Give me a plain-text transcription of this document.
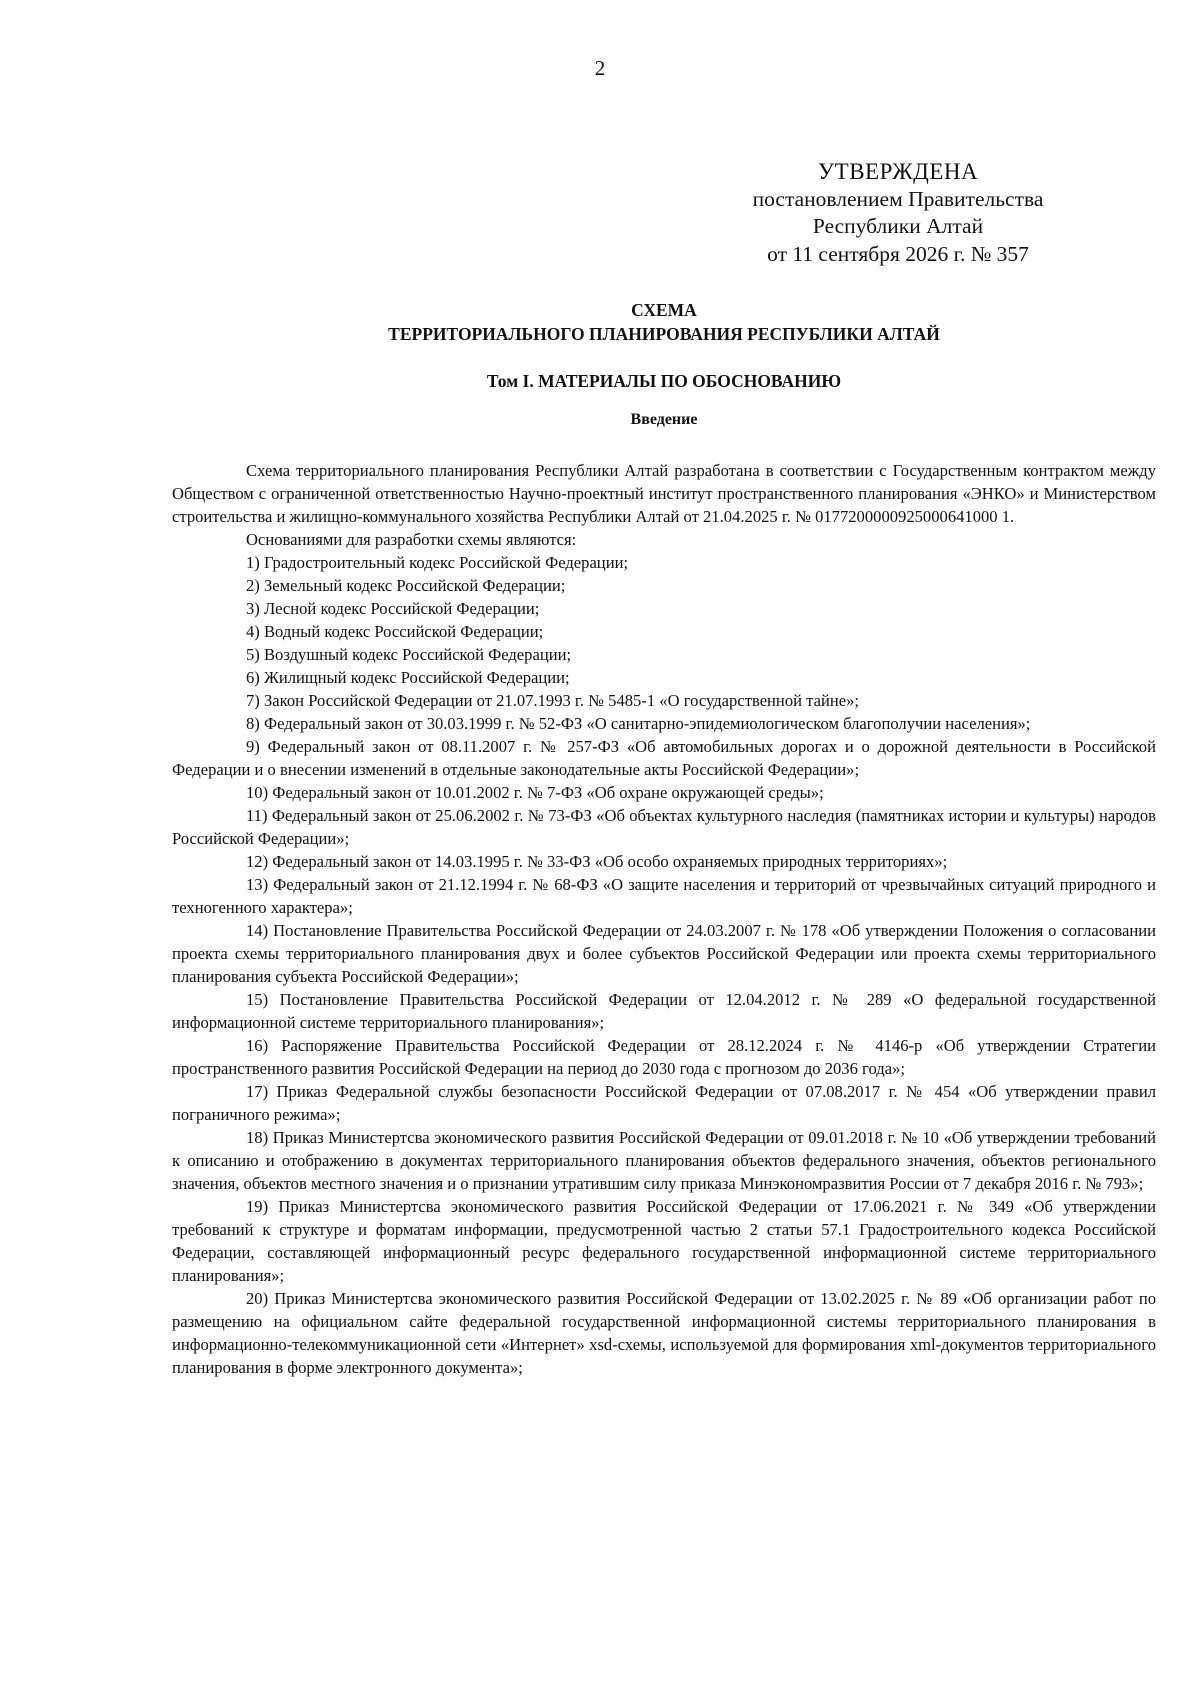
2
УТВЕРЖДЕНА
постановлением Правительства
Республики Алтай
от 11 сентября 2026 г. № 357
СХЕМА
ТЕРРИТОРИАЛЬНОГО ПЛАНИРОВАНИЯ РЕСПУБЛИКИ АЛТАЙ
Том I. МАТЕРИАЛЫ ПО ОБОСНОВАНИЮ
Введение

Схема территориального планирования Республики Алтай разработана в соответствии с Государственным контрактом между Обществом с ограниченной ответственностью Научно-проектный институт пространственного планирования «ЭНКО» и Министерством строительства и жилищно-коммунального хозяйства Республики Алтай от 21.04.2025 г. № 0177200000925000641000 1.

Основаниями для разработки схемы являются:

1) Градостроительный кодекс Российской Федерации;

2) Земельный кодекс Российской Федерации;

3) Лесной кодекс Российской Федерации;

4) Водный кодекс Российской Федерации;

5) Воздушный кодекс Российской Федерации;

6) Жилищный кодекс Российской Федерации;

7) Закон Российской Федерации от 21.07.1993 г. № 5485-1 «О государственной тайне»;

8) Федеральный закон от 30.03.1999 г. № 52-ФЗ «О санитарно-эпидемиологическом благополучии населения»;

9) Федеральный закон от 08.11.2007 г. № 257-ФЗ «Об автомобильных дорогах и о дорожной деятельности в Российской Федерации и о внесении изменений в отдельные законодательные акты Российской Федерации»;

10) Федеральный закон от 10.01.2002 г. № 7-ФЗ «Об охране окружающей среды»;

11) Федеральный закон от 25.06.2002 г. № 73-ФЗ «Об объектах культурного наследия (памятниках истории и культуры) народов Российской Федерации»;

12) Федеральный закон от 14.03.1995 г. № 33-ФЗ «Об особо охраняемых природных территориях»;

13) Федеральный закон от 21.12.1994 г. № 68-ФЗ «О защите населения и территорий от чрезвычайных ситуаций природного и техногенного характера»;

14) Постановление Правительства Российской Федерации от 24.03.2007 г. № 178 «Об утверждении Положения о согласовании проекта схемы территориального планирования двух и более субъектов Российской Федерации или проекта схемы территориального планирования субъекта Российской Федерации»;

15) Постановление Правительства Российской Федерации от 12.04.2012 г. № 289 «О федеральной государственной информационной системе территориального планирования»;

16) Распоряжение Правительства Российской Федерации от 28.12.2024 г. № 4146-р «Об утверждении Стратегии пространственного развития Российской Федерации на период до 2030 года с прогнозом до 2036 года»;

17) Приказ Федеральной службы безопасности Российской Федерации от 07.08.2017 г. № 454 «Об утверждении правил пограничного режима»;

18) Приказ Министертсва экономического развития Российской Федерации от 09.01.2018 г. № 10 «Об утверждении требований к описанию и отображению в документах территориального планирования объектов федерального значения, объектов регионального значения, объектов местного значения и о признании утратившим силу приказа Минэкономразвития России от 7 декабря 2016 г. № 793»;

19) Приказ Министертсва экономического развития Российской Федерации от 17.06.2021 г. № 349 «Об утверждении требований к структуре и форматам информации, предусмотренной частью 2 статьи 57.1 Градостроительного кодекса Российской Федерации, составляющей информационный ресурс федерального государственной информационной системе территориального планирования»;

20) Приказ Министертсва экономического развития Российской Федерации от 13.02.2025 г. № 89 «Об организации работ по размещению на официальном сайте федеральной государственной информационной системы территориального планирования в информационно-телекоммуникационной сети «Интернет» xsd-схемы, используемой для формирования xml-документов территориального планирования в форме электронного документа»;
